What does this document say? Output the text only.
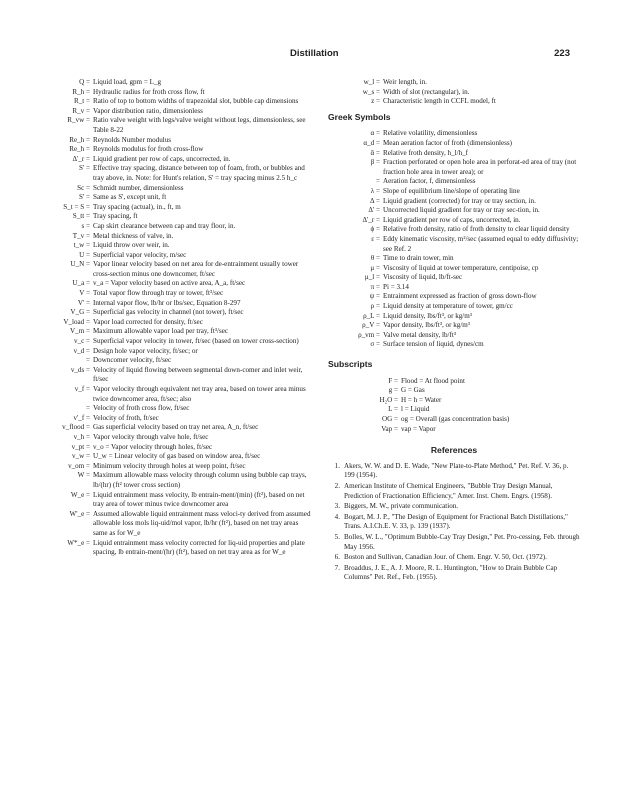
Distillation	223
Q = Liquid load, gpm = L_g
R_h = Hydraulic radius for froth cross flow, ft
R_t = Ratio of top to bottom widths of trapezoidal slot, bubble cap dimensions
R_v = Vapor distribution ratio, dimensionless
R_vw = Ratio valve weight with legs/valve weight without legs, dimensionless, see Table 8-22
Re_h = Reynolds Number modulus
Re_h = Reynolds modulus for froth cross-flow
Δ'_r = Liquid gradient per row of caps, uncorrected, in.
S' = Effective tray spacing, distance between top of foam, froth, or bubbles and tray above, in. Note: for Hunt's relation, S' = tray spacing minus 2.5 h_c
Sc = Schmidt number, dimensionless
S' = Same as S', except unit, ft
S_t = S = Tray spacing (actual), in., ft, m
S_tt = Tray spacing, ft
s = Cap skirt clearance between cap and tray floor, in.
T_v = Metal thickness of valve, in.
t_w = Liquid throw over weir, in.
U = Superficial vapor velocity, m/sec
U_N = Vapor linear velocity based on net area for de-entrainment usually tower cross-section minus one downcomer, ft/sec
U_a = v_a = Vapor velocity based on active area, A_a, ft/sec
V = Total vapor flow through tray or tower, ft³/sec
V' = Internal vapor flow, lb/hr or lbs/sec, Equation 8-297
V_G = Superficial gas velocity in channel (not tower), ft/sec
V_load = Vapor load corrected for density, ft/sec
V_m = Maximum allowable vapor load per tray, ft³/sec
v_c = Superficial vapor velocity in tower, ft/sec (based on tower cross-section)
v_d = Design hole vapor velocity, ft/sec; or
= Downcomer velocity, ft/sec
v_ds = Velocity of liquid flowing between segmental down-comer and inlet weir, ft/sec
v_f = Vapor velocity through equivalent net tray area, based on tower area minus twice downcomer area, ft/sec; also
= Velocity of froth cross flow, ft/sec
v'_f = Velocity of froth, ft/sec
v_flood = Gas superficial velocity based on tray net area, A_n, ft/sec
v_h = Vapor velocity through valve hole, ft/sec
v_pt = v_o = Vapor velocity through holes, ft/sec
v_w = U_w = Linear velocity of gas based on window area, ft/sec
v_om = Minimum velocity through holes at weep point, ft/sec
W = Maximum allowable mass velocity through column using bubble cap trays, lb/(hr) (ft² tower cross section)
W_e = Liquid entrainment mass velocity, lb entrain-ment/(min) (ft²), based on net tray area of tower minus twice downcomer area
W'_e = Assumed allowable liquid entrainment mass veloci-ty derived from assumed allowable loss mols liq-uid/mol vapor, lb/hr (ft²), based on net tray areas same as for W_e
W*_e = Liquid entrainment mass velocity corrected for liq-uid properties and plate spacing, lb entrain-ment/(hr) (ft²), based on net tray area as for W_e
w_l = Weir length, in.
w_s = Width of slot (rectangular), in.
z = Characteristic length in CCFL model, ft
Greek Symbols
α = Relative volatility, dimensionless
α_d = Mean aeration factor of froth (dimensionless)
ᾱ = Relative froth density, h_l/h_f
β = Fraction perforated or open hole area in perforat-ed area of tray (not fraction hole area in tower area); or
= Aeration factor, f, dimensionless
λ = Slope of equilibrium line/slope of operating line
Δ = Liquid gradient (corrected) for tray or tray section, in.
Δ' = Uncorrected liquid gradient for tray or tray sec-tion, in.
Δ'_r = Liquid gradient per row of caps, uncorrected, in.
ϕ = Relative froth density, ratio of froth density to clear liquid density
ε = Eddy kinematic viscosity, m²/sec (assumed equal to eddy diffusivity; see Ref. 2
θ = Time to drain tower, min
μ = Viscosity of liquid at tower temperature, centipoise, cp
μ_l = Viscosity of liquid, lb/ft-sec
π = Pi = 3.14
ψ = Entrainment expressed as fraction of gross down-flow
ρ = Liquid density at temperature of tower, gm/cc
ρ_L = Liquid density, lbs/ft³, or kg/m³
ρ_V = Vapor density, lbs/ft³, or kg/m³
ρ_vm = Valve metal density, lb/ft³
σ = Surface tension of liquid, dynes/cm
Subscripts
F = Flood = At flood point
g = G = Gas
H₂O = H = h = Water
L = l = Liquid
OG = og = Overall (gas concentration basis)
Vap = vap = Vapor
References
1. Akers, W. W. and D. E. Wade, "New Plate-to-Plate Method," Pet. Ref. V. 36, p. 199 (1954).
2. American Institute of Chemical Engineers, "Bubble Tray Design Manual, Prediction of Fractionation Efficiency," Amer. Inst. Chem. Engrs. (1958).
3. Biggers, M. W., private communication.
4. Bogart, M. J. P., "The Design of Equipment for Fractional Batch Distillations," Trans. A.I.Ch.E. V. 33, p. 139 (1937).
5. Bolles, W. L., "Optimum Bubble-Cay Tray Design," Pet. Pro-cessing, Feb. through May 1956.
6. Boston and Sullivan, Canadian Jour. of Chem. Engr. V. 50, Oct. (1972).
7. Broaddus, J. E., A. J. Moore, R. L. Huntington, "How to Drain Bubble Cap Columns" Pet. Ref., Feb. (1955).
